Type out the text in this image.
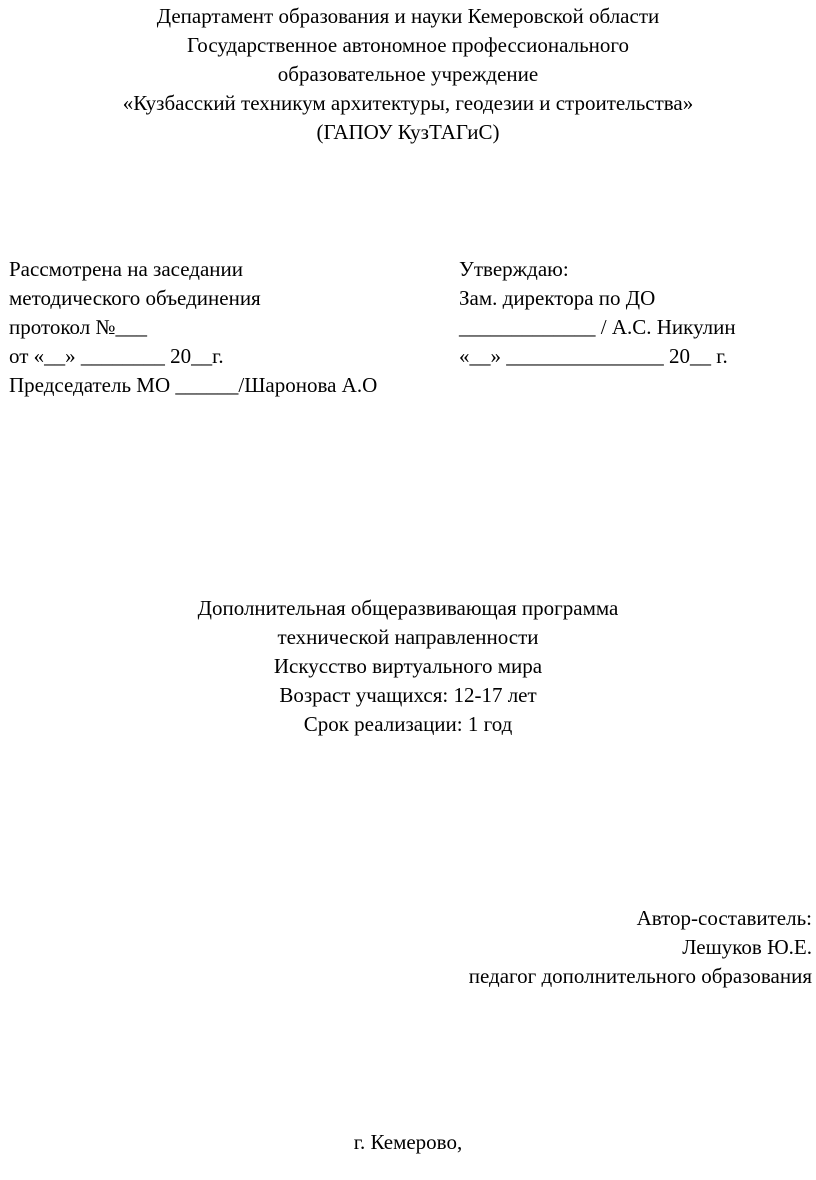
Департамент образования и науки Кемеровской области
Государственное автономное профессионального
образовательное учреждение
«Кузбасский техникум архитектуры, геодезии и строительства»
(ГАПОУ КузТАГиС)
Рассмотрена на заседании
методического объединения
протокол №___
от «__» ________ 20__г.
Председатель МО ______/Шаронова А.О
Утверждаю:
Зам. директора по ДО
_____________ / А.С. Никулин
«__» _______________ 20__ г.
Дополнительная общеразвивающая программа
технической направленности
Искусство виртуального мира
Возраст учащихся: 12-17 лет
Срок реализации: 1 год
Автор-составитель:
Лешуков Ю.Е.
педагог дополнительного образования
г. Кемерово,
